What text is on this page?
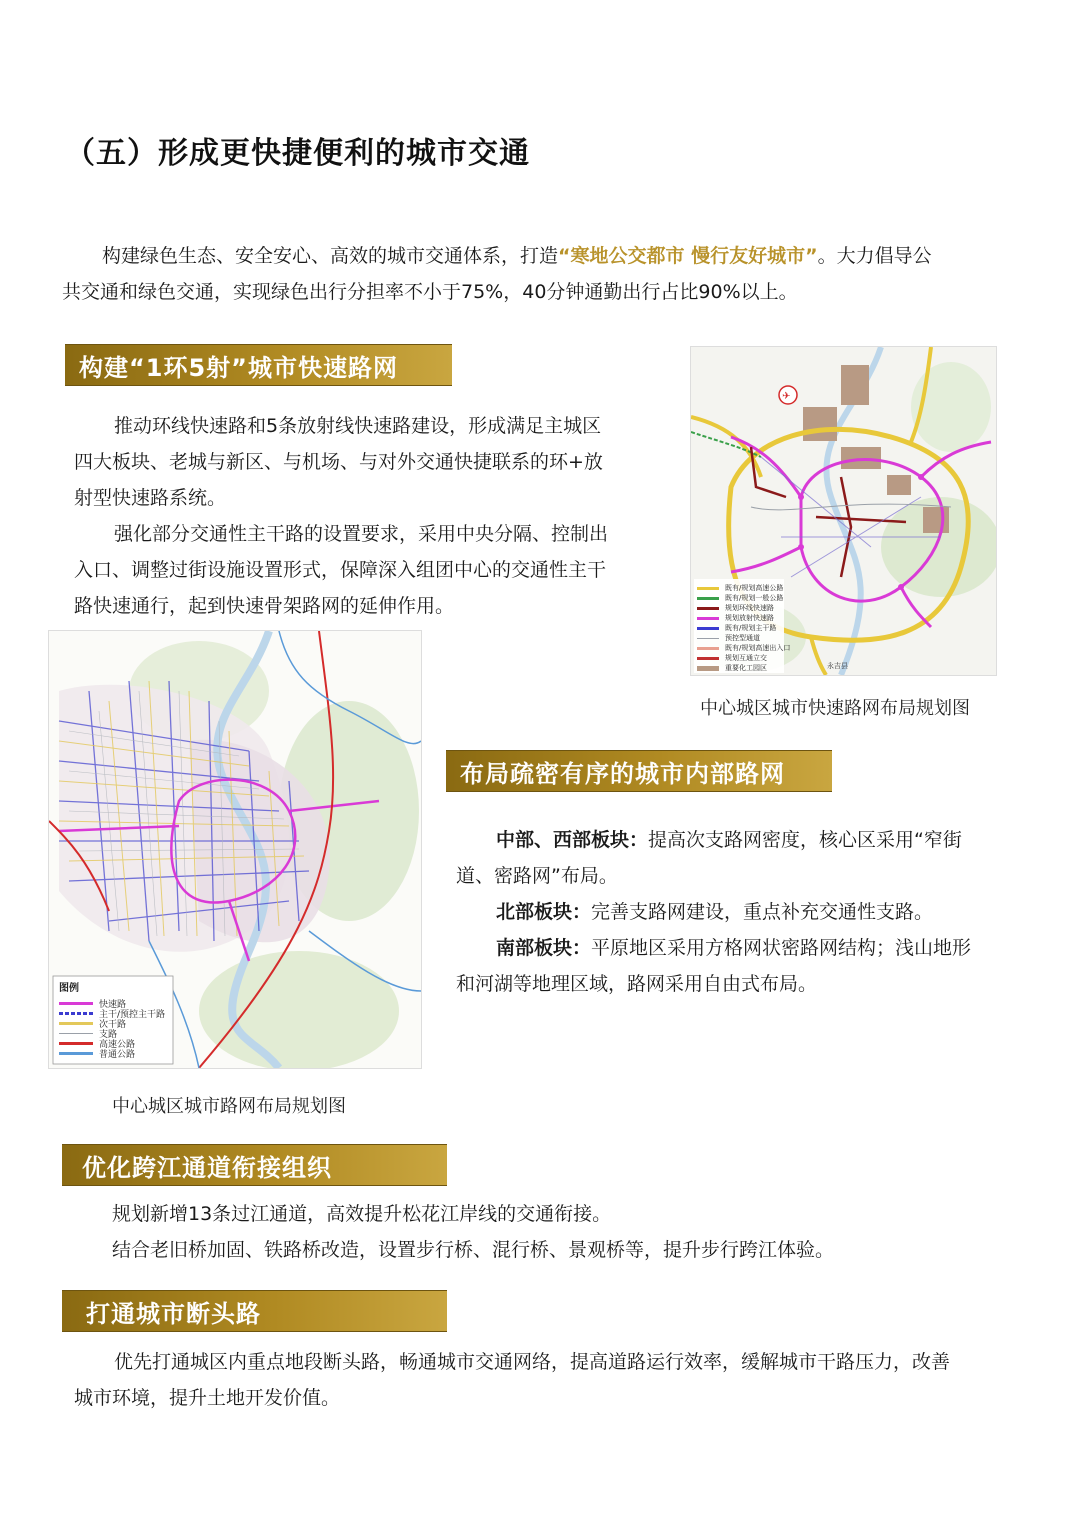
（五）形成更快捷便利的城市交通
构建绿色生态、安全安心、高效的城市交通体系，打造“寒地公交都市 慢行友好城市”。大力倡导公
共交通和绿色交通，实现绿色出行分担率不小于75%，40分钟通勤出行占比90%以上。
构建“1环5射”城市快速路网
推动环线快速路和5条放射线快速路建设，形成满足主城区
四大板块、老城与新区、与机场、与对外交通快捷联系的环+放
射型快速路系统。
强化部分交通性主干路的设置要求，采用中央分隔、控制出
入口、调整过街设施设置形式，保障深入组团中心的交通性主干
路快速通行，起到快速骨架路网的延伸作用。
✈
既有/规划高速公路
既有/规划一般公路
规划环线快速路
规划放射快速路
既有/规划主干路
预控型通道
既有/规划高速出入口
规划互通立交
重要化工园区	永吉县
中心城区城市快速路网布局规划图
图例
快速路
主干/预控主干路
次干路
支路
高速公路
普通公路
中心城区城市路网布局规划图
布局疏密有序的城市内部路网
中部、西部板块：提高次支路网密度，核心区采用“窄街
道、密路网”布局。
北部板块：完善支路网建设，重点补充交通性支路。
南部板块：平原地区采用方格网状密路网结构；浅山地形
和河湖等地理区域，路网采用自由式布局。
优化跨江通道衔接组织
规划新增13条过江通道，高效提升松花江岸线的交通衔接。
结合老旧桥加固、铁路桥改造，设置步行桥、混行桥、景观桥等，提升步行跨江体验。
打通城市断头路
优先打通城区内重点地段断头路，畅通城市交通网络，提高道路运行效率，缓解城市干路压力，改善
城市环境，提升土地开发价值。
